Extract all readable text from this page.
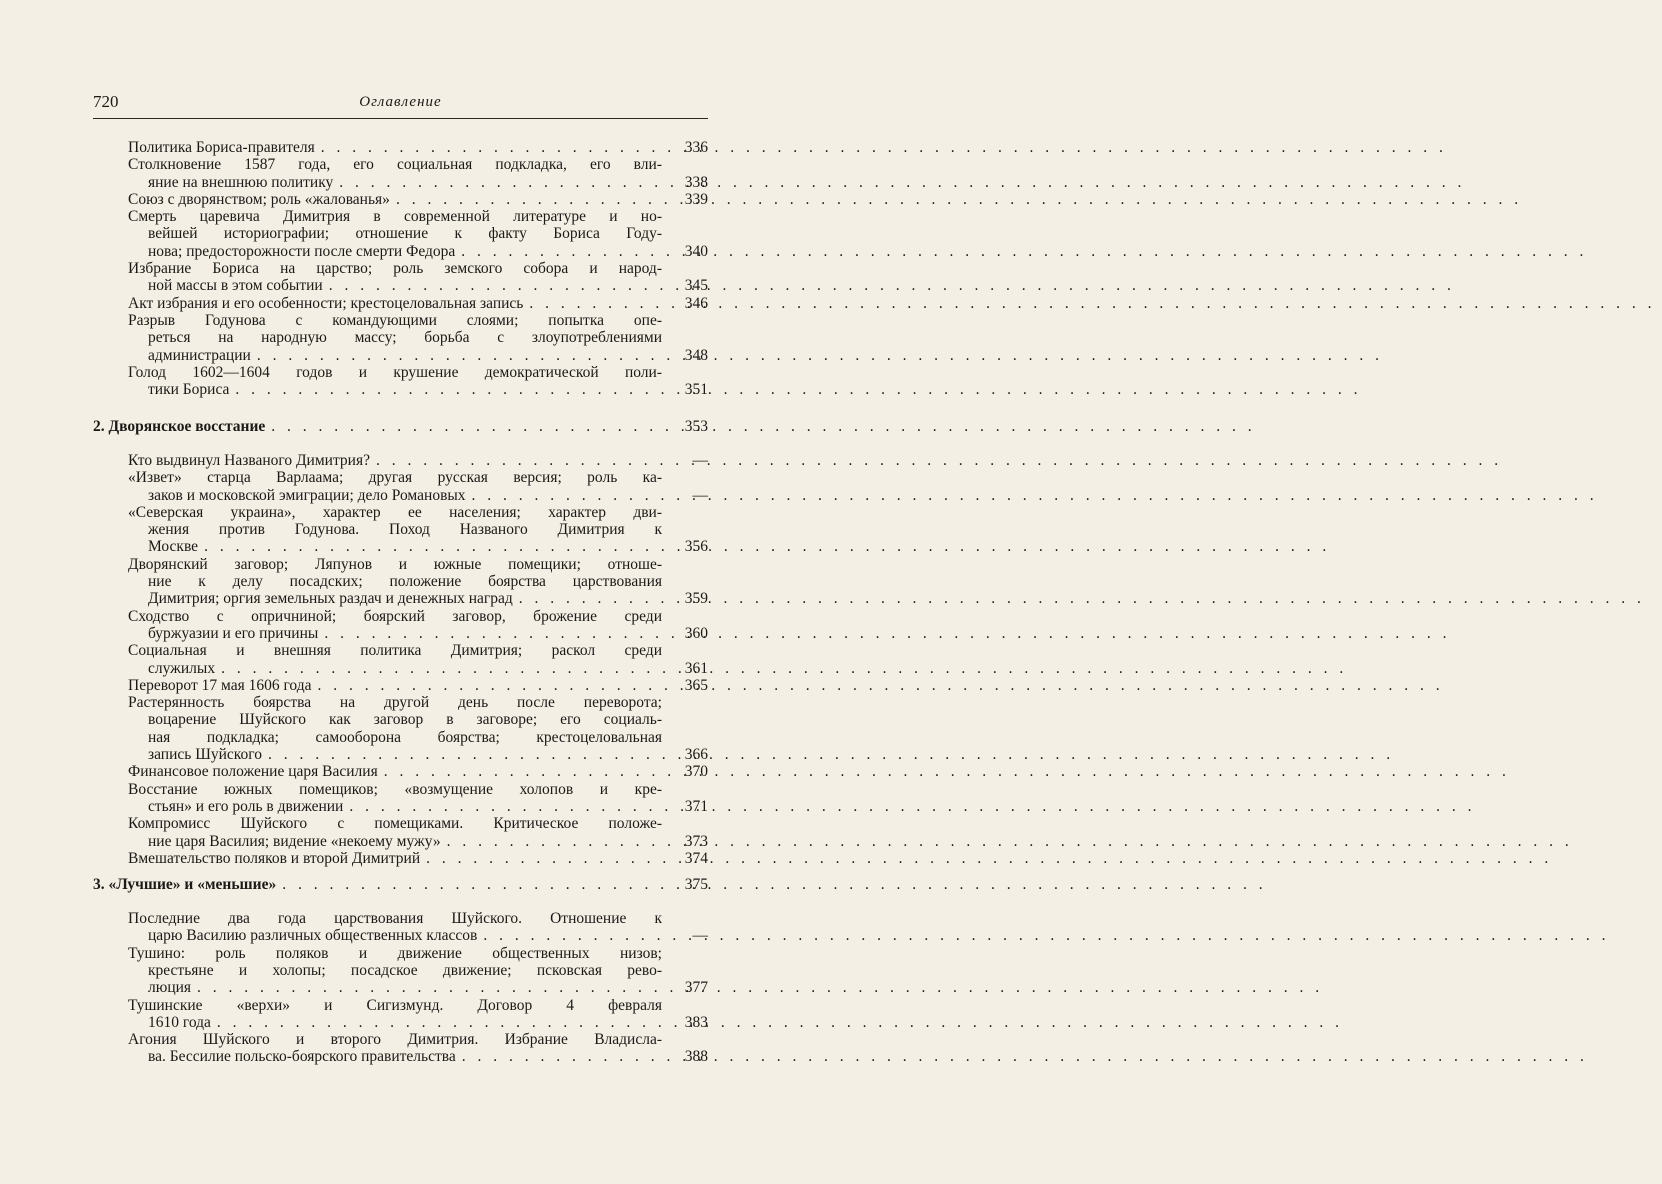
720	Оглавление
Политика Бориса-правителя . . .	336
Столкновение 1587 года, его социальная подкладка, его вли-
яние на внешнюю политику . . .	338
Союз с дворянством; роль «жалованья» . . .	339
Смерть царевича Димитрия в современной литературе и но-
вейшей историографии; отношение к факту Бориса Году-
нова; предосторожности после смерти Федора . . .	340
Избрание Бориса на царство; роль земского собора и народ-
ной массы в этом событии . . .	345
Акт избрания и его особенности; крестоцеловальная запись . . .	346
Разрыв Годунова с командующими слоями; попытка опе-
реться на народную массу; борьба с злоупотреблениями
администрации . . .	348
Голод 1602—1604 годов и крушение демократической поли-
тики Бориса . . .	351
2. Дворянское восстание . . .	353
Кто выдвинул Названого Димитрия? . . .	—
«Извет» старца Варлаама; другая русская версия; роль ка-
заков и московской эмиграции; дело Романовых . . .	—
«Северская украина», характер ее населения; характер дви-
жения против Годунова. Поход Названого Димитрия к
Москве . . .	356
Дворянский заговор; Ляпунов и южные помещики; отноше-
ние к делу посадских; положение боярства царствования
Димитрия; оргия земельных раздач и денежных наград . . .	359
Сходство с опричниной; боярский заговор, брожение среди
буржуазии и его причины . . .	360
Социальная и внешняя политика Димитрия; раскол среди
служилых . . .	361
Переворот 17 мая 1606 года . . .	365
Растерянность боярства на другой день после переворота;
воцарение Шуйского как заговор в заговоре; его социаль-
ная подкладка; самооборона боярства; крестоцеловальная
запись Шуйского . . .	366
Финансовое положение царя Василия . . .	370
Восстание южных помещиков; «возмущение холопов и кре-
стьян» и его роль в движении . . .	371
Компромисс Шуйского с помещиками. Критическое положе-
ние царя Василия; видение «некоему мужу» . . .	373
Вмешательство поляков и второй Димитрий . . .	374
3. «Лучшие» и «меньшие» . . .	375
Последние два года царствования Шуйского. Отношение к
царю Василию различных общественных классов . . .	—
Тушино: роль поляков и движение общественных низов;
крестьяне и холопы; посадское движение; псковская рево-
люция . . .	377
Тушинские «верхи» и Сигизмунд. Договор 4 февраля
1610 года . . .	383
Агония Шуйского и второго Димитрия. Избрание Владисла-
ва. Бессилие польско-боярского правительства . . .	388
